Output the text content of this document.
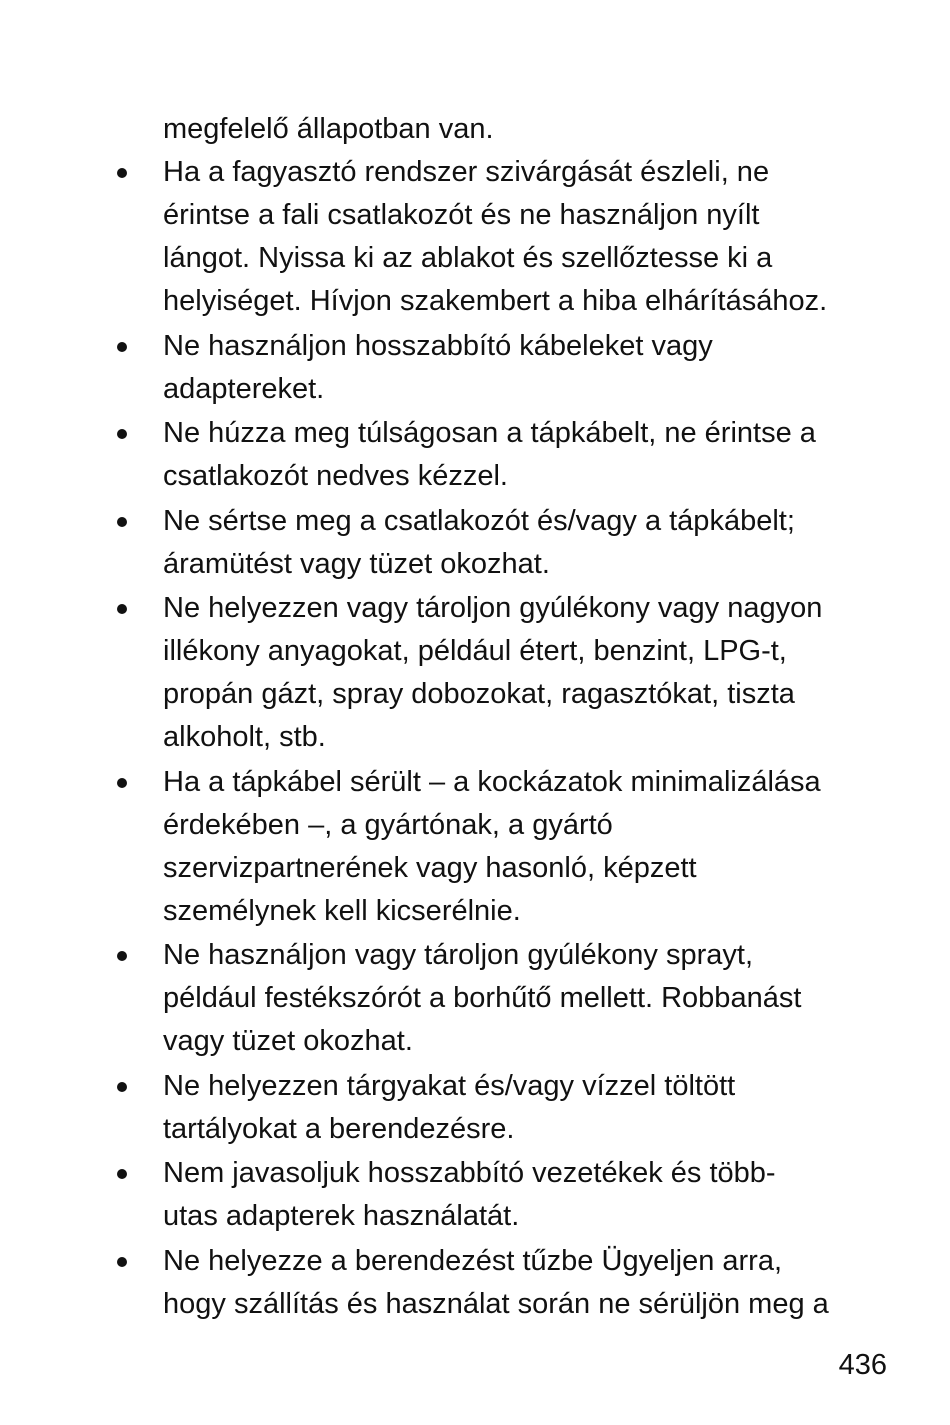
megfelelő állapotban van.
Ha a fagyasztó rendszer szivárgását észleli, ne
érintse a fali csatlakozót és ne használjon nyílt
lángot. Nyissa ki az ablakot és szellőztesse ki a
helyiséget. Hívjon szakembert a hiba elhárításához.
Ne használjon hosszabbító kábeleket vagy
adaptereket.
Ne húzza meg túlságosan a tápkábelt, ne érintse a
csatlakozót nedves kézzel.
Ne sértse meg a csatlakozót és/vagy a tápkábelt;
áramütést vagy tüzet okozhat.
Ne helyezzen vagy tároljon gyúlékony vagy nagyon
illékony anyagokat, például étert, benzint, LPG-t,
propán gázt, spray dobozokat, ragasztókat, tiszta
alkoholt, stb.
Ha a tápkábel sérült – a kockázatok minimalizálása
érdekében –, a gyártónak, a gyártó
szervizpartnerének vagy hasonló, képzett
személynek kell kicserélnie.
Ne használjon vagy tároljon gyúlékony sprayt,
például festékszórót a borhűtő mellett. Robbanást
vagy tüzet okozhat.
Ne helyezzen tárgyakat és/vagy vízzel töltött
tartályokat a berendezésre.
Nem javasoljuk hosszabbító vezetékek és több-
utas adapterek használatát.
Ne helyezze a berendezést tűzbe Ügyeljen arra,
hogy szállítás és használat során ne sérüljön meg a
436
